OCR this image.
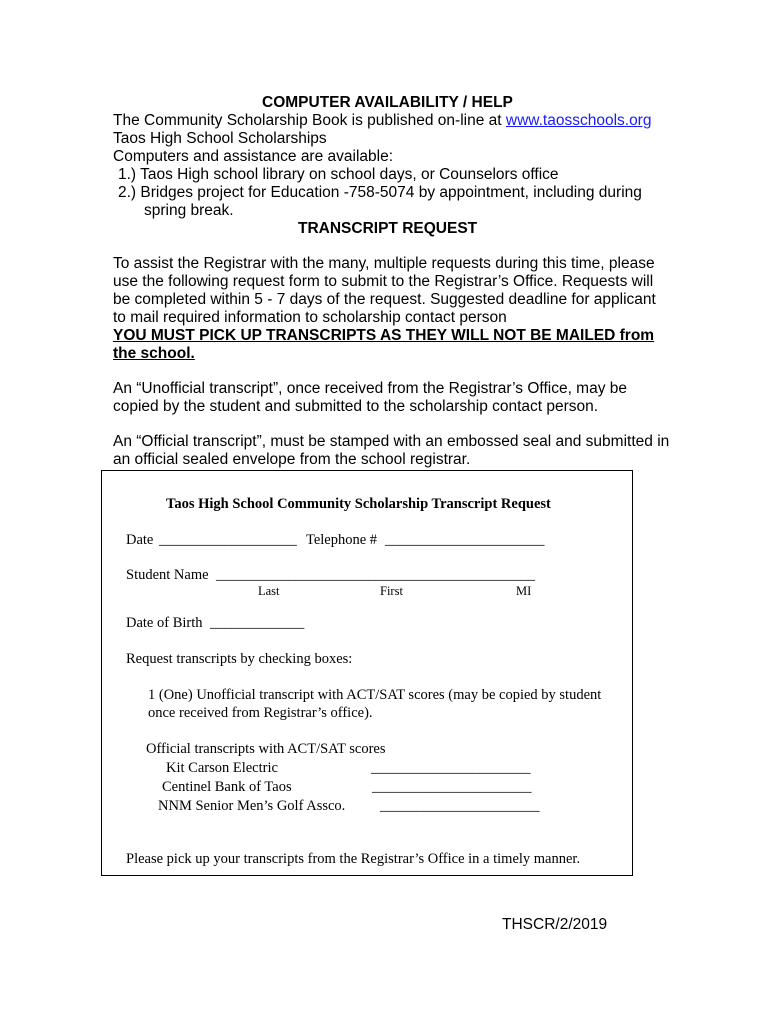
COMPUTER AVAILABILITY / HELP

The Community Scholarship Book is published on-line at www.taosschools.org

Taos High School Scholarships

Computers and assistance are available:

1.) Taos High school library on school days, or Counselors office

2.) Bridges project for Education -758-5074 by appointment, including during

spring break.

TRANSCRIPT REQUEST

To assist the Registrar with the many, multiple requests during this time, please

use the following request form to submit to the Registrar’s Office. Requests will

be completed within 5 - 7 days of the request. Suggested deadline for applicant

to mail required information to scholarship contact person

YOU MUST PICK UP TRANSCRIPTS AS THEY WILL NOT BE MAILED from

the school.

An “Unofficial transcript”, once received from the Registrar’s Office, may be

copied by the student and submitted to the scholarship contact person.

An “Official transcript”, must be stamped with an embossed seal and submitted in

an official sealed envelope from the school registrar.

Taos High School Community Scholarship Transcript Request

Date ___________________ Telephone # ______________________

Student Name ____________________________________________

Last	First	MI

Date of Birth _____________

Request transcripts by checking boxes:

1 (One) Unofficial transcript with ACT/SAT scores (may be copied by student

once received from Registrar’s office).

Official transcripts with ACT/SAT scores

Kit Carson Electric	______________________

Centinel Bank of Taos	______________________

NNM Senior Men’s Golf Assco. ______________________

Please pick up your transcripts from the Registrar’s Office in a timely manner.

THSCR/2/2019
